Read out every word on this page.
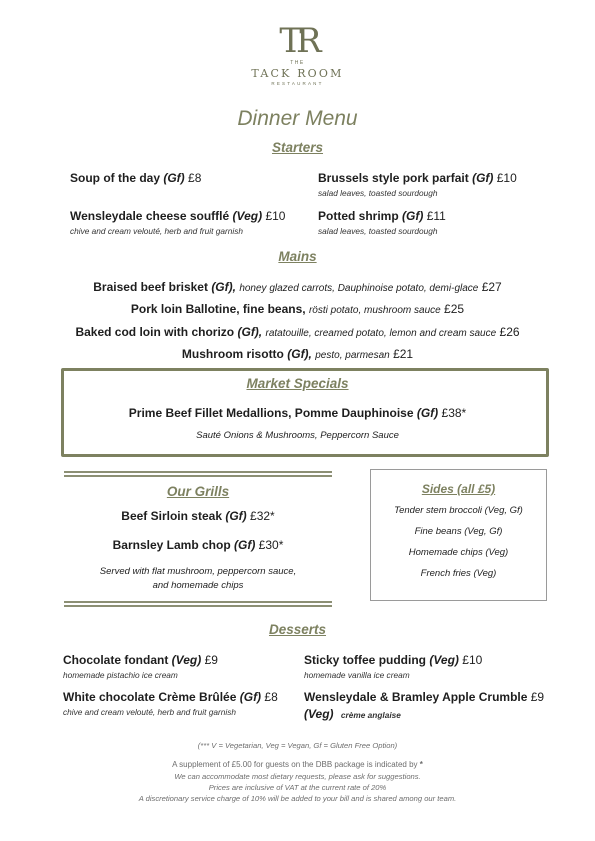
TR
THE
TACK ROOM
RESTAURANT
Dinner Menu
Starters
Soup of the day (Gf) £8	Brussels style pork parfait (Gf) £10
salad leaves, toasted sourdough
Wensleydale cheese soufflé (Veg) £10
chive and cream velouté, herb and fruit garnish
Potted shrimp (Gf) £11
salad leaves, toasted sourdough
Mains
Braised beef brisket (Gf), honey glazed carrots, Dauphinoise potato, demi-glace £27
Pork loin Ballotine, fine beans, rösti potato, mushroom sauce £25
Baked cod loin with chorizo (Gf), ratatouille, creamed potato, lemon and cream sauce £26
Mushroom risotto (Gf), pesto, parmesan £21
Market Specials
Prime Beef Fillet Medallions, Pomme Dauphinoise (Gf) £38*
Sauté Onions & Mushrooms, Peppercorn Sauce
Our Grills
Beef Sirloin steak (Gf) £32*
Barnsley Lamb chop (Gf) £30*
Served with flat mushroom, peppercorn sauce,
and homemade chips
Sides (all £5)
Tender stem broccoli (Veg, Gf)
Fine beans (Veg, Gf)
Homemade chips (Veg)
French fries (Veg)
Desserts
Chocolate fondant (Veg) £9
homemade pistachio ice cream
Sticky toffee pudding (Veg) £10
homemade vanilla ice cream
White chocolate Crème Brûlée (Gf) £8
chive and cream velouté, herb and fruit garnish
Wensleydale & Bramley Apple Crumble £9
(Veg) crème anglaise
(*** V = Vegetarian, Veg = Vegan, Gf = Gluten Free Option)
A supplement of £5.00 for guests on the DBB package is indicated by *
We can accommodate most dietary requests, please ask for suggestions.
Prices are inclusive of VAT at the current rate of 20%
A discretionary service charge of 10% will be added to your bill and is shared among our team.
